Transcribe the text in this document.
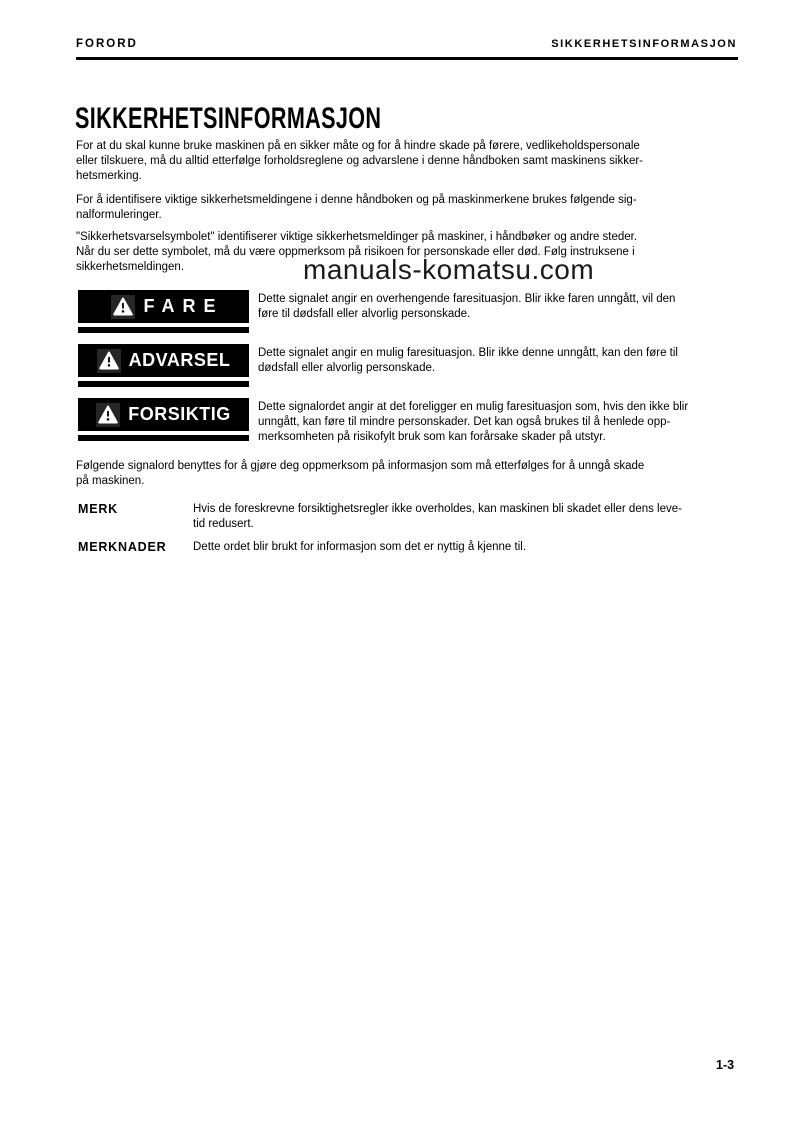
FORORD	SIKKERHETSINFORMASJON
SIKKERHETSINFORMASJON
For at du skal kunne bruke maskinen på en sikker måte og for å hindre skade på førere, vedlikeholdspersonale
eller tilskuere, må du alltid etterfølge forholdsreglene og advarslene i denne håndboken samt maskinens sikker-
hetsmerking.
For å identifisere viktige sikkerhetsmeldingene i denne håndboken og på maskinmerkene brukes følgende sig-
nalformuleringer.
"Sikkerhetsvarselsymbolet" identifiserer viktige sikkerhetsmeldinger på maskiner, i håndbøker og andre steder.
Når du ser dette symbolet, må du være oppmerksom på risikoen for personskade eller død. Følg instruksene i
sikkerhetsmeldingen.	manuals-komatsu.com
FARE	Dette signalet angir en overhengende faresituasjon. Blir ikke faren unngått, vil den
føre til dødsfall eller alvorlig personskade.
ADVARSEL Dette signalet angir en mulig faresituasjon. Blir ikke denne unngått, kan den føre til
dødsfall eller alvorlig personskade.
FORSIKTIG Dette signalordet angir at det foreligger en mulig faresituasjon som, hvis den ikke blir
unngått, kan føre til mindre personskader. Det kan også brukes til å henlede opp-
merksomheten på risikofylt bruk som kan forårsake skader på utstyr.
Følgende signalord benyttes for å gjøre deg oppmerksom på informasjon som må etterfølges for å unngå skade
på maskinen.
MERK	Hvis de foreskrevne forsiktighetsregler ikke overholdes, kan maskinen bli skadet eller dens leve-
tid redusert.
MERKNADER Dette ordet blir brukt for informasjon som det er nyttig å kjenne til.
1-3
